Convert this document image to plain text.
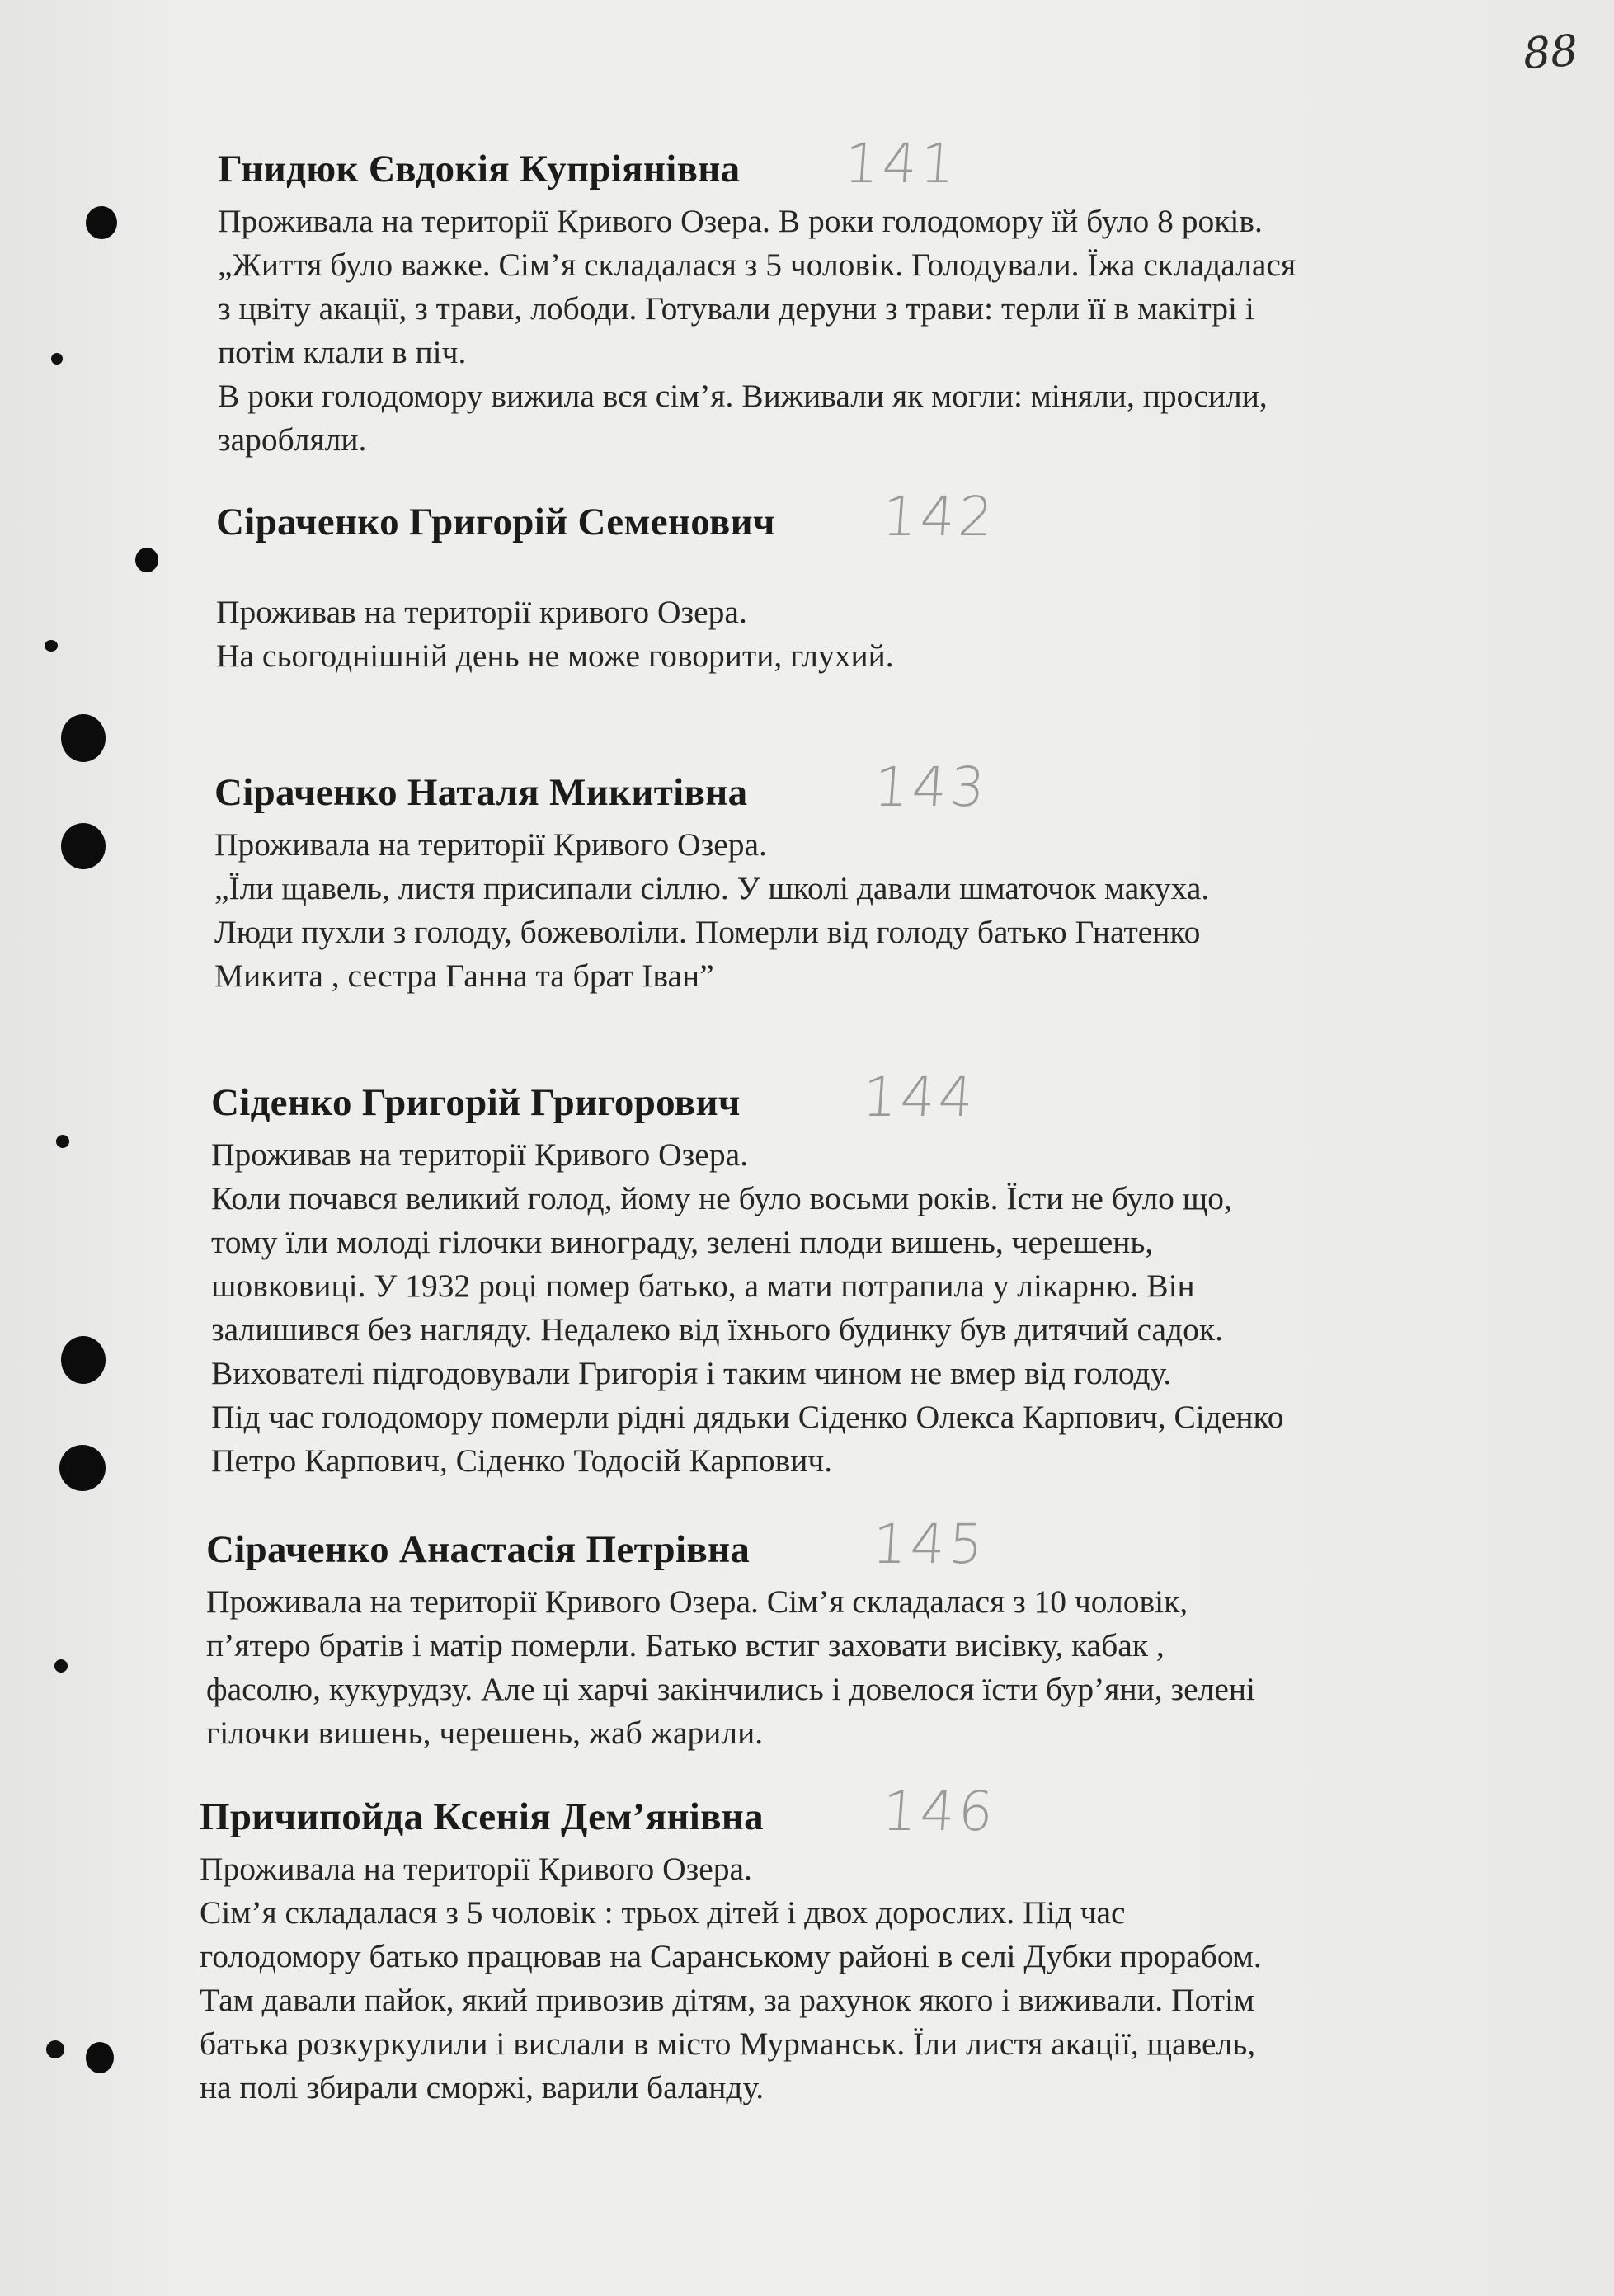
88
Гнидюк Євдокія Купріянівна 141
Проживала на території Кривого Озера. В роки голодомору їй було 8 років.
„Життя було важке. Сім’я складалася з 5 чоловік. Голодували. Їжа складалася
з цвіту акації, з трави, лободи. Готували деруни з трави: терли її в макітрі і
потім клали в піч.
В роки голодомору вижила вся сім’я. Виживали як могли: міняли, просили,
заробляли.
Сіраченко Григорій Семенович 142
Проживав на території кривого Озера.
На сьогоднішній день не може говорити, глухий.
Сіраченко Наталя Микитівна 143
Проживала на території Кривого Озера.
„Їли щавель, листя присипали сіллю. У школі давали шматочок макуха.
Люди пухли з голоду, божеволіли. Померли від голоду батько Гнатенко
Микита , сестра Ганна та брат Іван”
Сіденко Григорій Григорович 144
Проживав на території Кривого Озера.
Коли почався великий голод, йому не було восьми років. Їсти не було що,
тому їли молоді гілочки винограду, зелені плоди вишень, черешень,
шовковиці. У 1932 році помер батько, а мати потрапила у лікарню. Він
залишився без нагляду. Недалеко від їхнього будинку був дитячий садок.
Вихователі підгодовували Григорія і таким чином не вмер від голоду.
Під час голодомору померли рідні дядьки Сіденко Олекса Карпович, Сіденко
Петро Карпович, Сіденко Тодосій Карпович.
Сіраченко Анастасія Петрівна 145
Проживала на території Кривого Озера. Сім’я складалася з 10 чоловік,
п’ятеро братів і матір померли. Батько встиг заховати висівку, кабак ,
фасолю, кукурудзу. Але ці харчі закінчились і довелося їсти бур’яни, зелені
гілочки вишень, черешень, жаб жарили.
Причипойда Ксенія Дем’янівна 146
Проживала на території Кривого Озера.
Сім’я складалася з 5 чоловік : трьох дітей і двох дорослих. Під час
голодомору батько працював на Саранському районі в селі Дубки прорабом.
Там давали пайок, який привозив дітям, за рахунок якого і виживали. Потім
батька розкуркулили і вислали в місто Мурманськ. Їли листя акації, щавель,
на полі збирали сморжі, варили баланду.
